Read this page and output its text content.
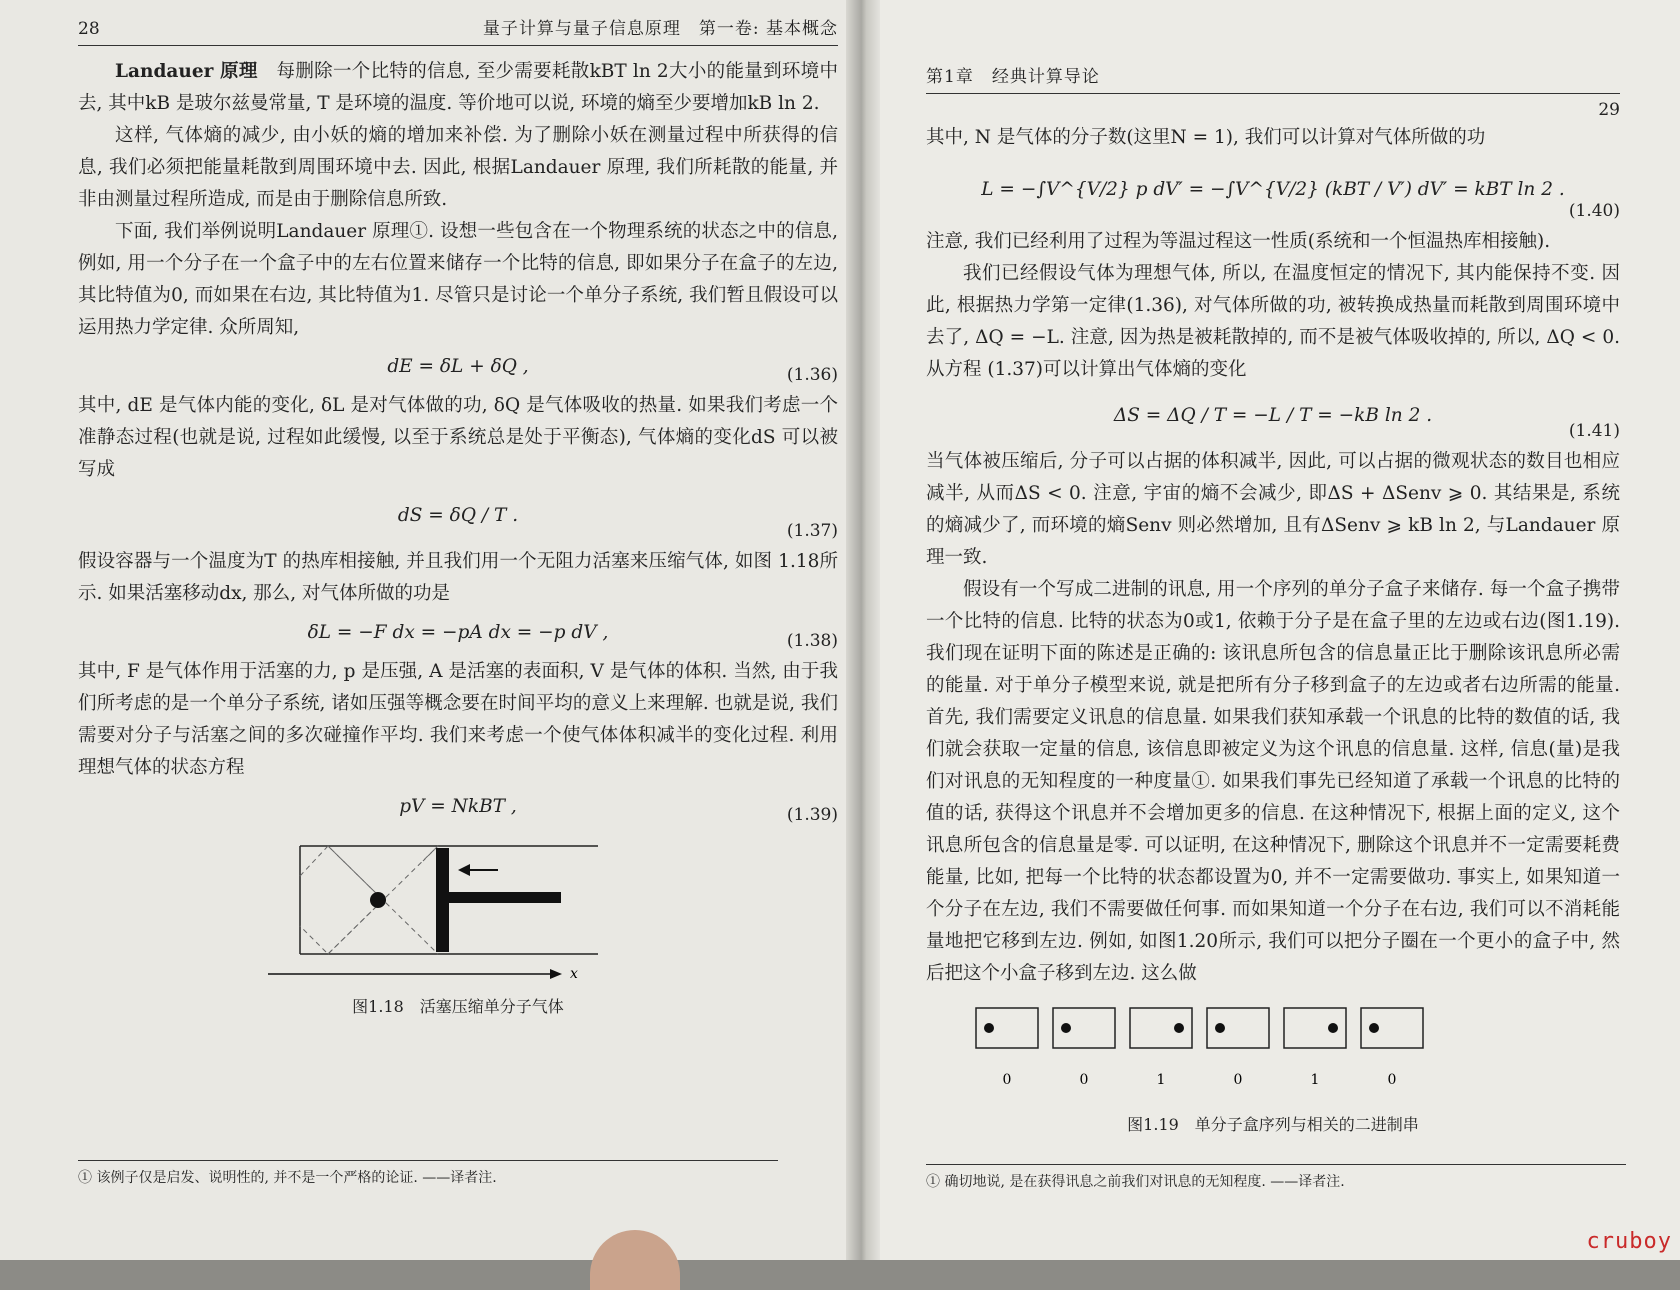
28	量子计算与量子信息原理　第一卷: 基本概念

Landauer 原理　每删除一个比特的信息, 至少需要耗散kBT ln 2大小的能量到环境中去, 其中kB 是玻尔兹曼常量, T 是环境的温度. 等价地可以说, 环境的熵至少要增加kB ln 2.

这样, 气体熵的减少, 由小妖的熵的增加来补偿. 为了删除小妖在测量过程中所获得的信息, 我们必须把能量耗散到周围环境中去. 因此, 根据Landauer 原理, 我们所耗散的能量, 并非由测量过程所造成, 而是由于删除信息所致.

下面, 我们举例说明Landauer 原理①. 设想一些包含在一个物理系统的状态之中的信息, 例如, 用一个分子在一个盒子中的左右位置来储存一个比特的信息, 即如果分子在盒子的左边, 其比特值为0, 而如果在右边, 其比特值为1. 尽管只是讨论一个单分子系统, 我们暂且假设可以运用热力学定律. 众所周知,

dE = δL + δQ ,	(1.36)

其中, dE 是气体内能的变化, δL 是对气体做的功, δQ 是气体吸收的热量. 如果我们考虑一个准静态过程(也就是说, 过程如此缓慢, 以至于系统总是处于平衡态), 气体熵的变化dS 可以被写成

dS = δQ / T .
(1.37)

假设容器与一个温度为T 的热库相接触, 并且我们用一个无阻力活塞来压缩气体, 如图 1.18所示. 如果活塞移动dx, 那么, 对气体所做的功是

δL = −F dx = −pA dx = −p dV ,	(1.38)

其中, F 是气体作用于活塞的力, p 是压强, A 是活塞的表面积, V 是气体的体积. 当然, 由于我们所考虑的是一个单分子系统, 诸如压强等概念要在时间平均的意义上来理解. 也就是说, 我们需要对分子与活塞之间的多次碰撞作平均. 我们来考虑一个使气体体积减半的变化过程. 利用理想气体的状态方程

pV = NkBT ,	(1.39)
x
图1.18　活塞压缩单分子气体
① 该例子仅是启发、说明性的, 并不是一个严格的论证. ——译者注.
第1章　经典计算导论
29

其中, N 是气体的分子数(这里N = 1), 我们可以计算对气体所做的功

L = −∫V^{V/2} p dV′ = −∫V^{V/2} (kBT / V′) dV′ = kBT ln 2 .
(1.40)

注意, 我们已经利用了过程为等温过程这一性质(系统和一个恒温热库相接触).

我们已经假设气体为理想气体, 所以, 在温度恒定的情况下, 其内能保持不变. 因此, 根据热力学第一定律(1.36), 对气体所做的功, 被转换成热量而耗散到周围环境中去了, ΔQ = −L. 注意, 因为热是被耗散掉的, 而不是被气体吸收掉的, 所以, ΔQ < 0. 从方程 (1.37)可以计算出气体熵的变化

ΔS = ΔQ / T = −L / T = −kB ln 2 .
(1.41)

当气体被压缩后, 分子可以占据的体积减半, 因此, 可以占据的微观状态的数目也相应减半, 从而ΔS < 0. 注意, 宇宙的熵不会减少, 即ΔS + ΔSenv ⩾ 0. 其结果是, 系统的熵减少了, 而环境的熵Senv 则必然增加, 且有ΔSenv ⩾ kB ln 2, 与Landauer 原理一致.

假设有一个写成二进制的讯息, 用一个序列的单分子盒子来储存. 每一个盒子携带一个比特的信息. 比特的状态为0或1, 依赖于分子是在盒子里的左边或右边(图1.19). 我们现在证明下面的陈述是正确的: 该讯息所包含的信息量正比于删除该讯息所必需的能量. 对于单分子模型来说, 就是把所有分子移到盒子的左边或者右边所需的能量. 首先, 我们需要定义讯息的信息量. 如果我们获知承载一个讯息的比特的数值的话, 我们就会获取一定量的信息, 该信息即被定义为这个讯息的信息量. 这样, 信息(量)是我们对讯息的无知程度的一种度量①. 如果我们事先已经知道了承载一个讯息的比特的值的话, 获得这个讯息并不会增加更多的信息. 在这种情况下, 根据上面的定义, 这个讯息所包含的信息量是零. 可以证明, 在这种情况下, 删除这个讯息并不一定需要耗费能量, 比如, 把每一个比特的状态都设置为0, 并不一定需要做功. 事实上, 如果知道一个分子在左边, 我们不需要做任何事. 而如果知道一个分子在右边, 我们可以不消耗能量地把它移到左边. 例如, 如图1.20所示, 我们可以把分子圈在一个更小的盒子中, 然后把这个小盒子移到左边. 这么做

0	0	1	0	1	0
图1.19　单分子盒序列与相关的二进制串
① 确切地说, 是在获得讯息之前我们对讯息的无知程度. ——译者注.
cruboy
